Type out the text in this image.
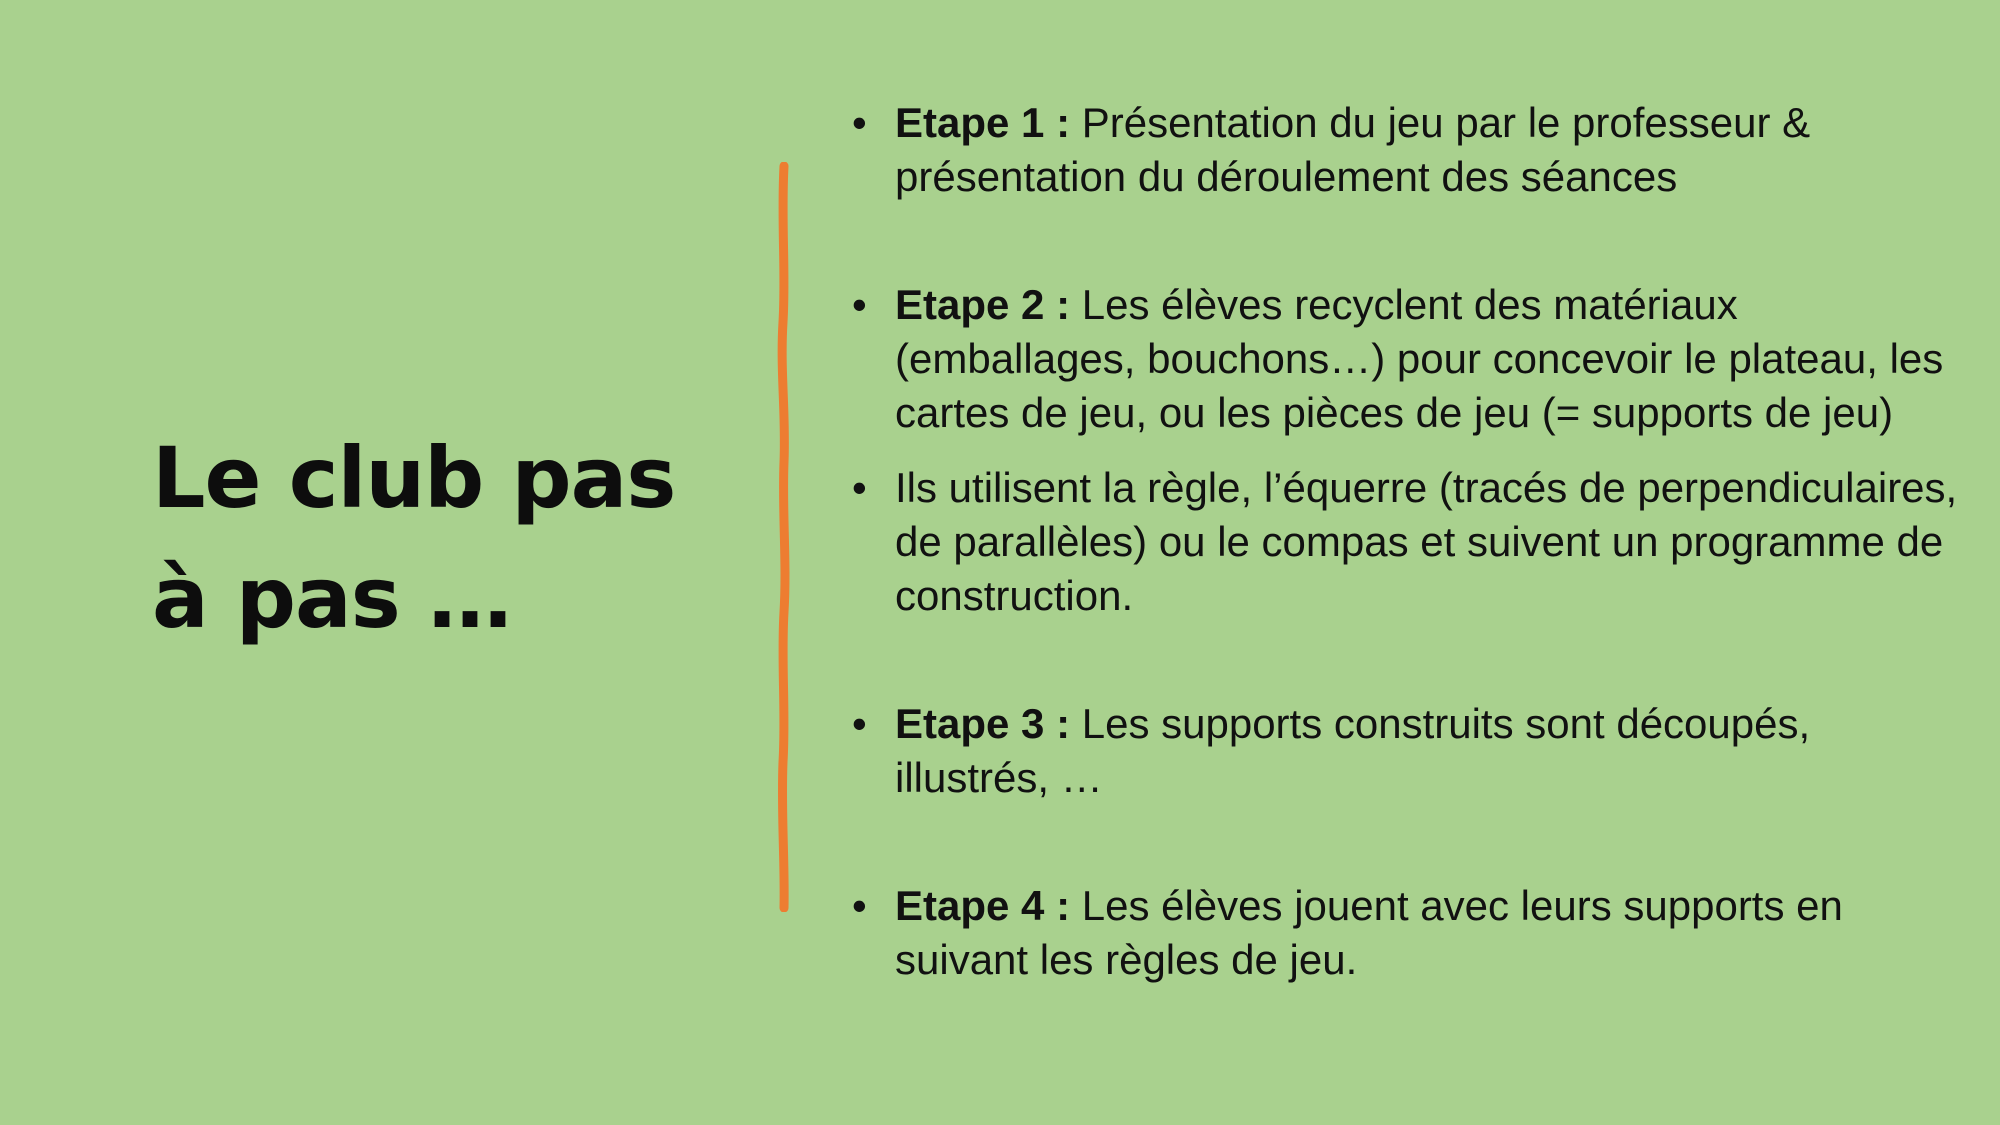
Le club pas
à pas …

• Etape 1 : Présentation du jeu par le professeur & présentation du déroulement des séances

• Etape 2 : Les élèves recyclent des matériaux (emballages, bouchons…) pour concevoir le plateau, les cartes de jeu, ou les pièces de jeu (= supports de jeu)

• Ils utilisent la règle, l’équerre (tracés de perpendiculaires, de parallèles) ou le compas et suivent un programme de construction.

• Etape 3 : Les supports construits sont découpés, illustrés, …

• Etape 4 : Les élèves jouent avec leurs supports en suivant les règles de jeu.
